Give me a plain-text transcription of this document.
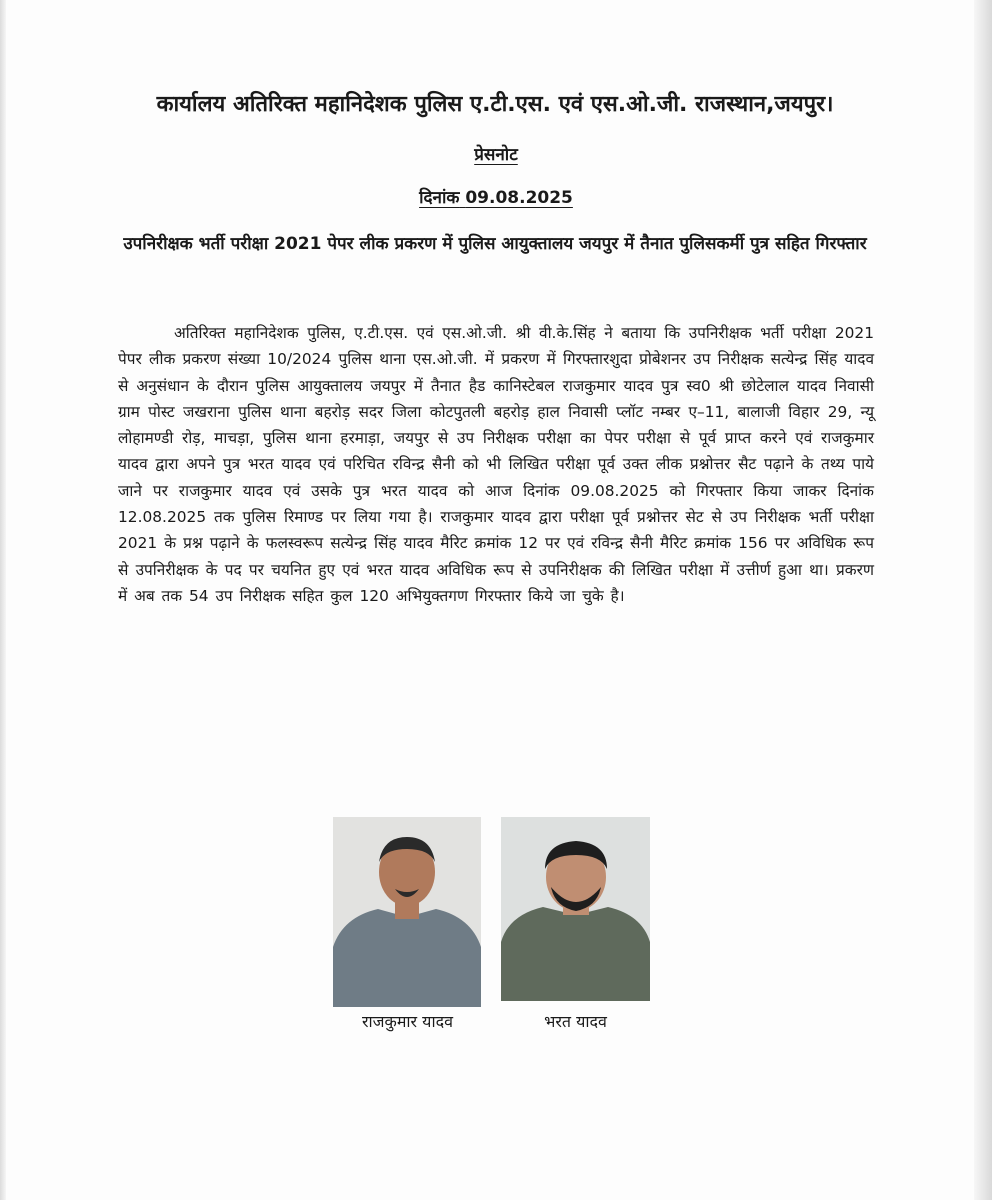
कार्यालय अतिरिक्त महानिदेशक पुलिस ए.टी.एस. एवं एस.ओ.जी. राजस्थान,जयपुर।
प्रेसनोट
दिनांक 09.08.2025
उपनिरीक्षक भर्ती परीक्षा 2021 पेपर लीक प्रकरण में पुलिस आयुक्तालय जयपुर में तैनात पुलिसकर्मी पुत्र सहित गिरफ्तार
अतिरिक्त महानिदेशक पुलिस, ए.टी.एस. एवं एस.ओ.जी. श्री वी.के.सिंह ने बताया कि उपनिरीक्षक भर्ती परीक्षा 2021 पेपर लीक प्रकरण संख्या 10/2024 पुलिस थाना एस.ओ.जी. में प्रकरण में गिरफ्तारशुदा प्रोबेशनर उप निरीक्षक सत्येन्द्र सिंह यादव से अनुसंधान के दौरान पुलिस आयुक्तालय जयपुर में तैनात हैड कानिस्टेबल राजकुमार यादव पुत्र स्व0 श्री छोटेलाल यादव निवासी ग्राम पोस्ट जखराना पुलिस थाना बहरोड़ सदर जिला कोटपुतली बहरोड़ हाल निवासी प्लॉट नम्बर ए–11, बालाजी विहार 29, न्यू लोहामण्डी रोड़, माचड़ा, पुलिस थाना हरमाड़ा, जयपुर से उप निरीक्षक परीक्षा का पेपर परीक्षा से पूर्व प्राप्त करने एवं राजकुमार यादव द्वारा अपने पुत्र भरत यादव एवं परिचित रविन्द्र सैनी को भी लिखित परीक्षा पूर्व उक्त लीक प्रश्नोत्तर सैट पढ़ाने के तथ्य पाये जाने पर राजकुमार यादव एवं उसके पुत्र भरत यादव को आज दिनांक 09.08.2025 को गिरफ्तार किया जाकर दिनांक 12.08.2025 तक पुलिस रिमाण्ड पर लिया गया है। राजकुमार यादव द्वारा परीक्षा पूर्व प्रश्नोत्तर सेट से उप निरीक्षक भर्ती परीक्षा 2021 के प्रश्न पढ़ाने के फलस्वरूप सत्येन्द्र सिंह यादव मैरिट क्रमांक 12 पर एवं रविन्द्र सैनी मैरिट क्रमांक 156 पर अविधिक रूप से उपनिरीक्षक के पद पर चयनित हुए एवं भरत यादव अविधिक रूप से उपनिरीक्षक की लिखित परीक्षा में उत्तीर्ण हुआ था। प्रकरण में अब तक 54 उप निरीक्षक सहित कुल 120 अभियुक्तगण गिरफ्तार किये जा चुके है।
राजकुमार यादव	भरत यादव
